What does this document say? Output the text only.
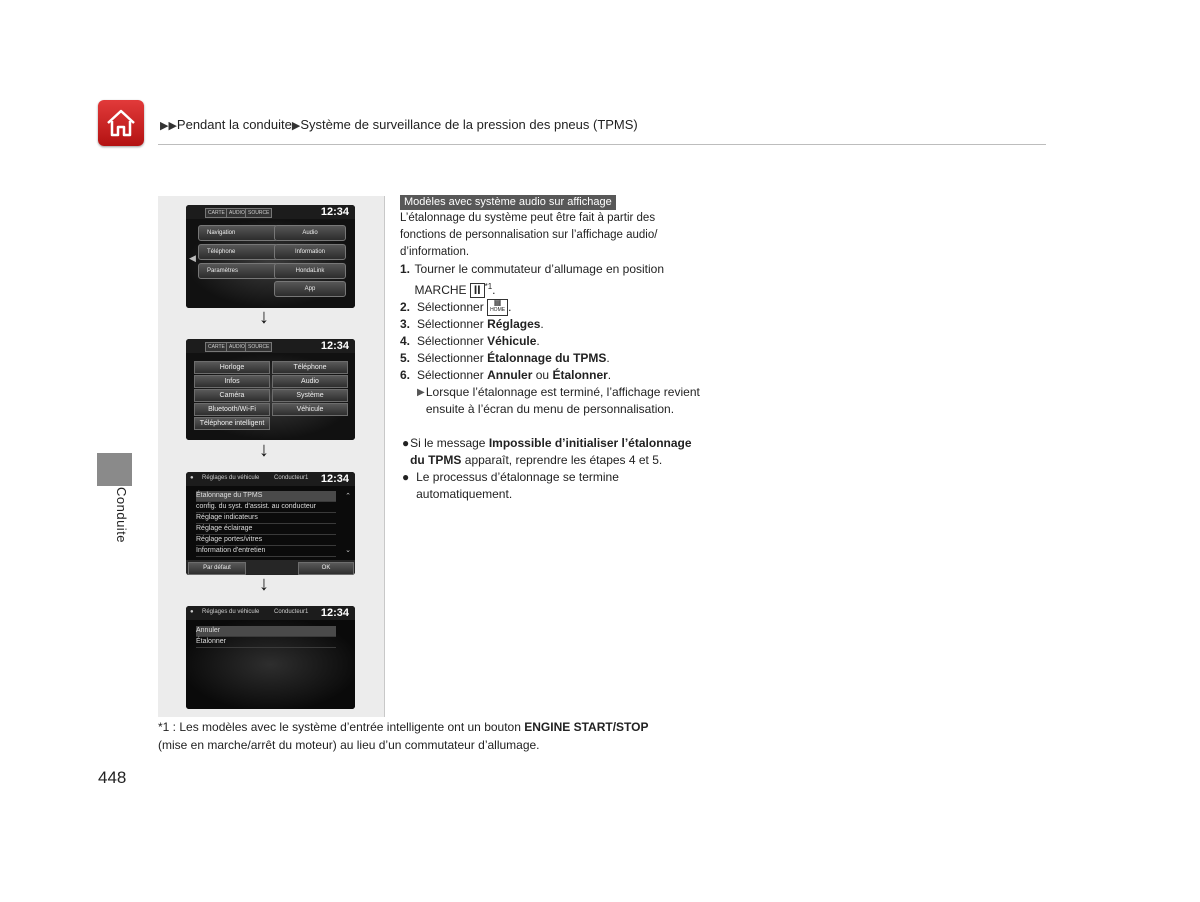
▶▶Pendant la conduite▶Système de surveillance de la pression des pneus (TPMS)
Conduite
CARTE AUDIO SOURCE	12:34
Navigation	Audio
Téléphone	Information
Paramètres	HondaLink
App
◀
↓
CARTE AUDIO SOURCE	12:34
Horloge	Téléphone
Infos	Audio
Caméra	Système
Bluetooth/Wi-Fi	Véhicule
Téléphone intelligent
↓
● Réglages du véhicule Conducteur1 12:34
Étalonnage du TPMS
config. du syst. d'assist. au conducteur
Réglage indicateurs
Réglage éclairage
Réglage portes/vitres
Information d'entretien
⌃
⌄
Par défaut	OK
↓
● Réglages du véhicule Conducteur1 12:34
Annuler
Étalonner
Modèles avec système audio sur affichage
L’étalonnage du système peut être fait à partir des fonctions de personnalisation sur l’affichage audio/ d’information.
1. Tourner le commutateur d’allumage en position MARCHE II $^{*1}$.
2. Sélectionner ▦
HOME .
3. Sélectionner Réglages.
4. Sélectionner Véhicule.
5. Sélectionner Étalonnage du TPMS.
6. Sélectionner Annuler ou Étalonner.
▶ Lorsque l’étalonnage est terminé, l’affichage revient ensuite à l’écran du menu de personnalisation.
● Si le message Impossible d’initialiser l’étalonnage du TPMS apparaît, reprendre les étapes 4 et 5.
● Le processus d’étalonnage se termine automatiquement.
*1 : Les modèles avec le système d’entrée intelligente ont un bouton ENGINE START/STOP
(mise en marche/arrêt du moteur) au lieu d’un commutateur d’allumage.
448
